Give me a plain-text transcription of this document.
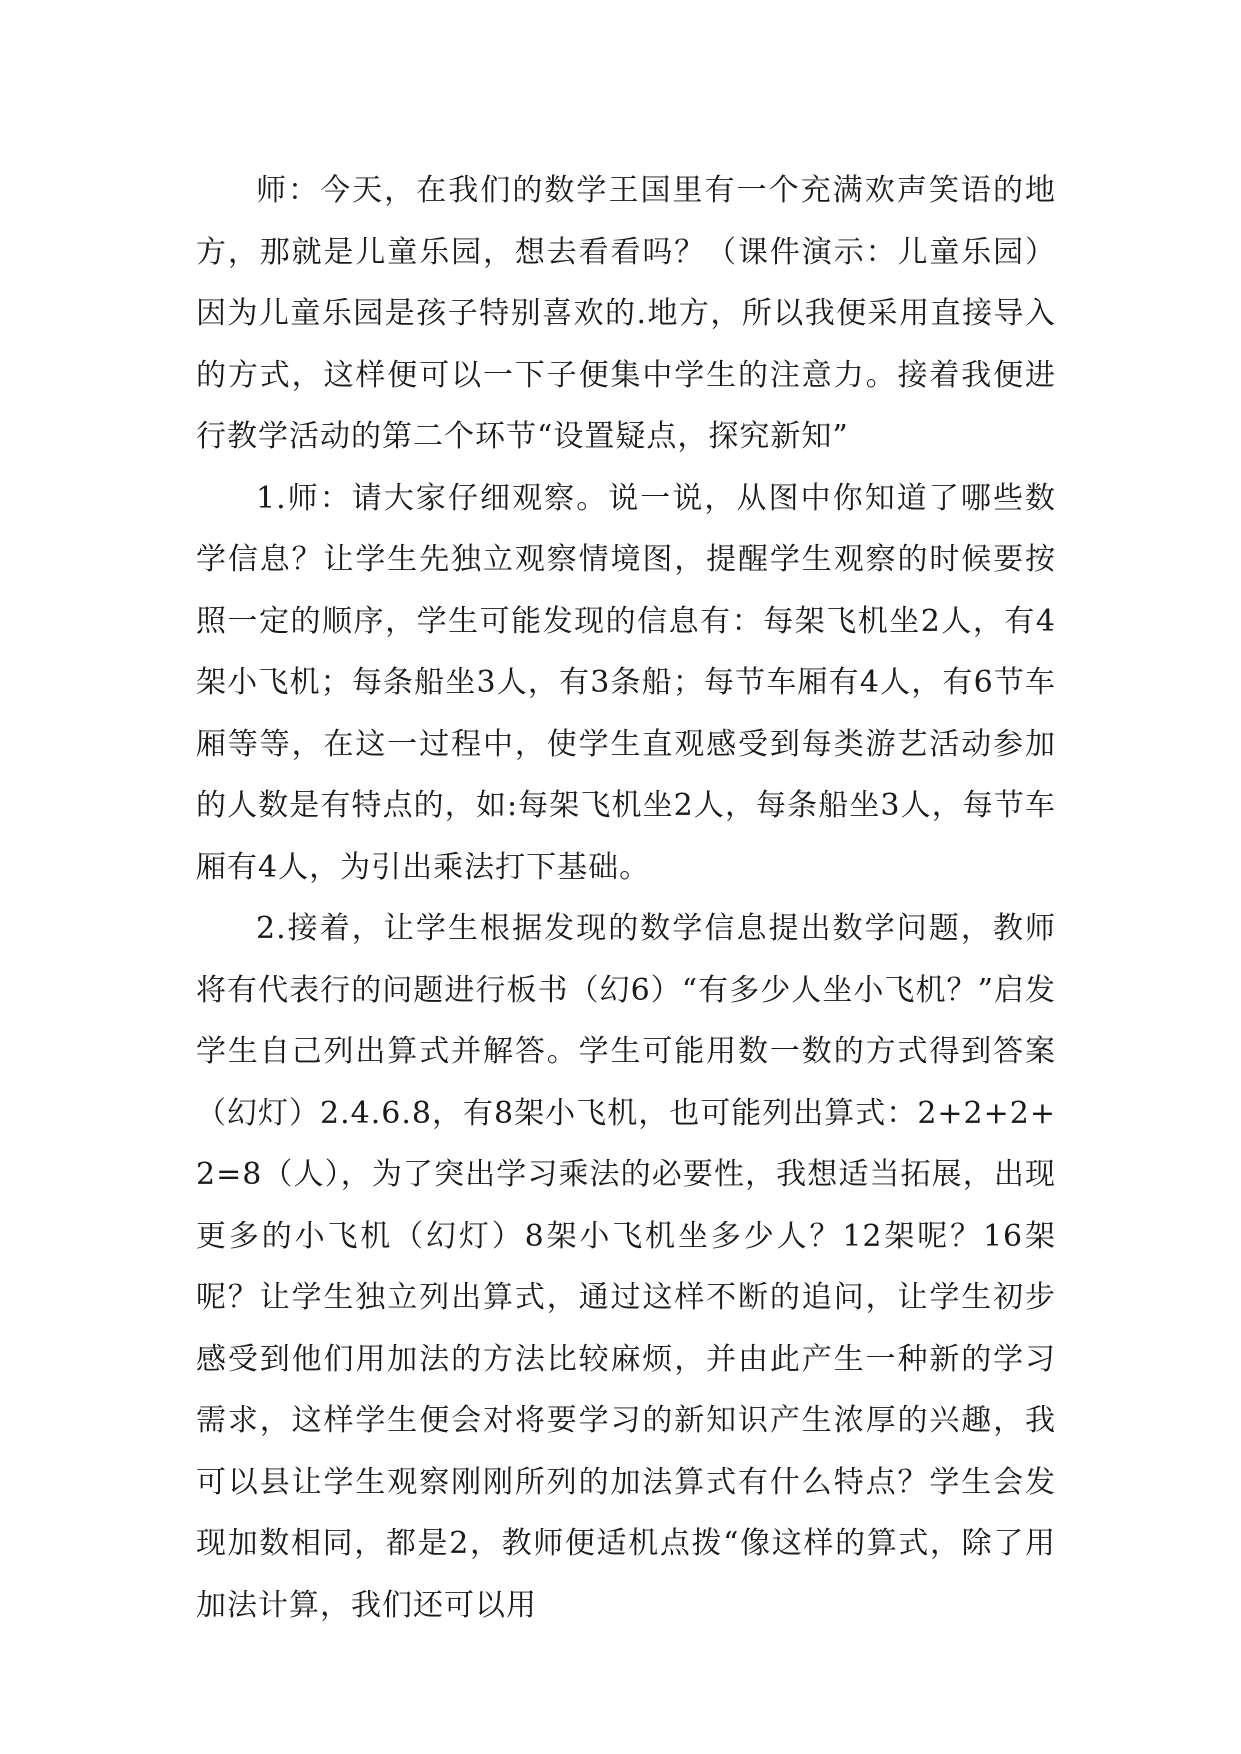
师：今天，在我们的数学王国里有一个充满欢声笑语的地方，那就是儿童乐园，想去看看吗？（课件演示：儿童乐园）因为儿童乐园是孩子特别喜欢的.地方，所以我便采用直接导入的方式，这样便可以一下子便集中学生的注意力。接着我便进行教学活动的第二个环节“设置疑点，探究新知”

1.师：请大家仔细观察。说一说，从图中你知道了哪些数学信息？让学生先独立观察情境图，提醒学生观察的时候要按照一定的顺序，学生可能发现的信息有：每架飞机坐2人，有4架小飞机；每条船坐3人，有3条船；每节车厢有4人，有6节车厢等等，在这一过程中，使学生直观感受到每类游艺活动参加的人数是有特点的，如:每架飞机坐2人，每条船坐3人，每节车厢有4人，为引出乘法打下基础。

2.接着，让学生根据发现的数学信息提出数学问题，教师将有代表行的问题进行板书（幻6）“有多少人坐小飞机？”启发学生自己列出算式并解答。学生可能用数一数的方式得到答案（幻灯）2.4.6.8，有8架小飞机，也可能列出算式：2+2+2+2=8（人），为了突出学习乘法的必要性，我想适当拓展，出现更多的小飞机（幻灯）8架小飞机坐多少人？12架呢？16架呢？让学生独立列出算式，通过这样不断的追问，让学生初步感受到他们用加法的方法比较麻烦，并由此产生一种新的学习需求，这样学生便会对将要学习的新知识产生浓厚的兴趣，我可以县让学生观察刚刚所列的加法算式有什么特点？学生会发现加数相同，都是2，教师便适机点拨“像这样的算式，除了用加法计算，我们还可以用
